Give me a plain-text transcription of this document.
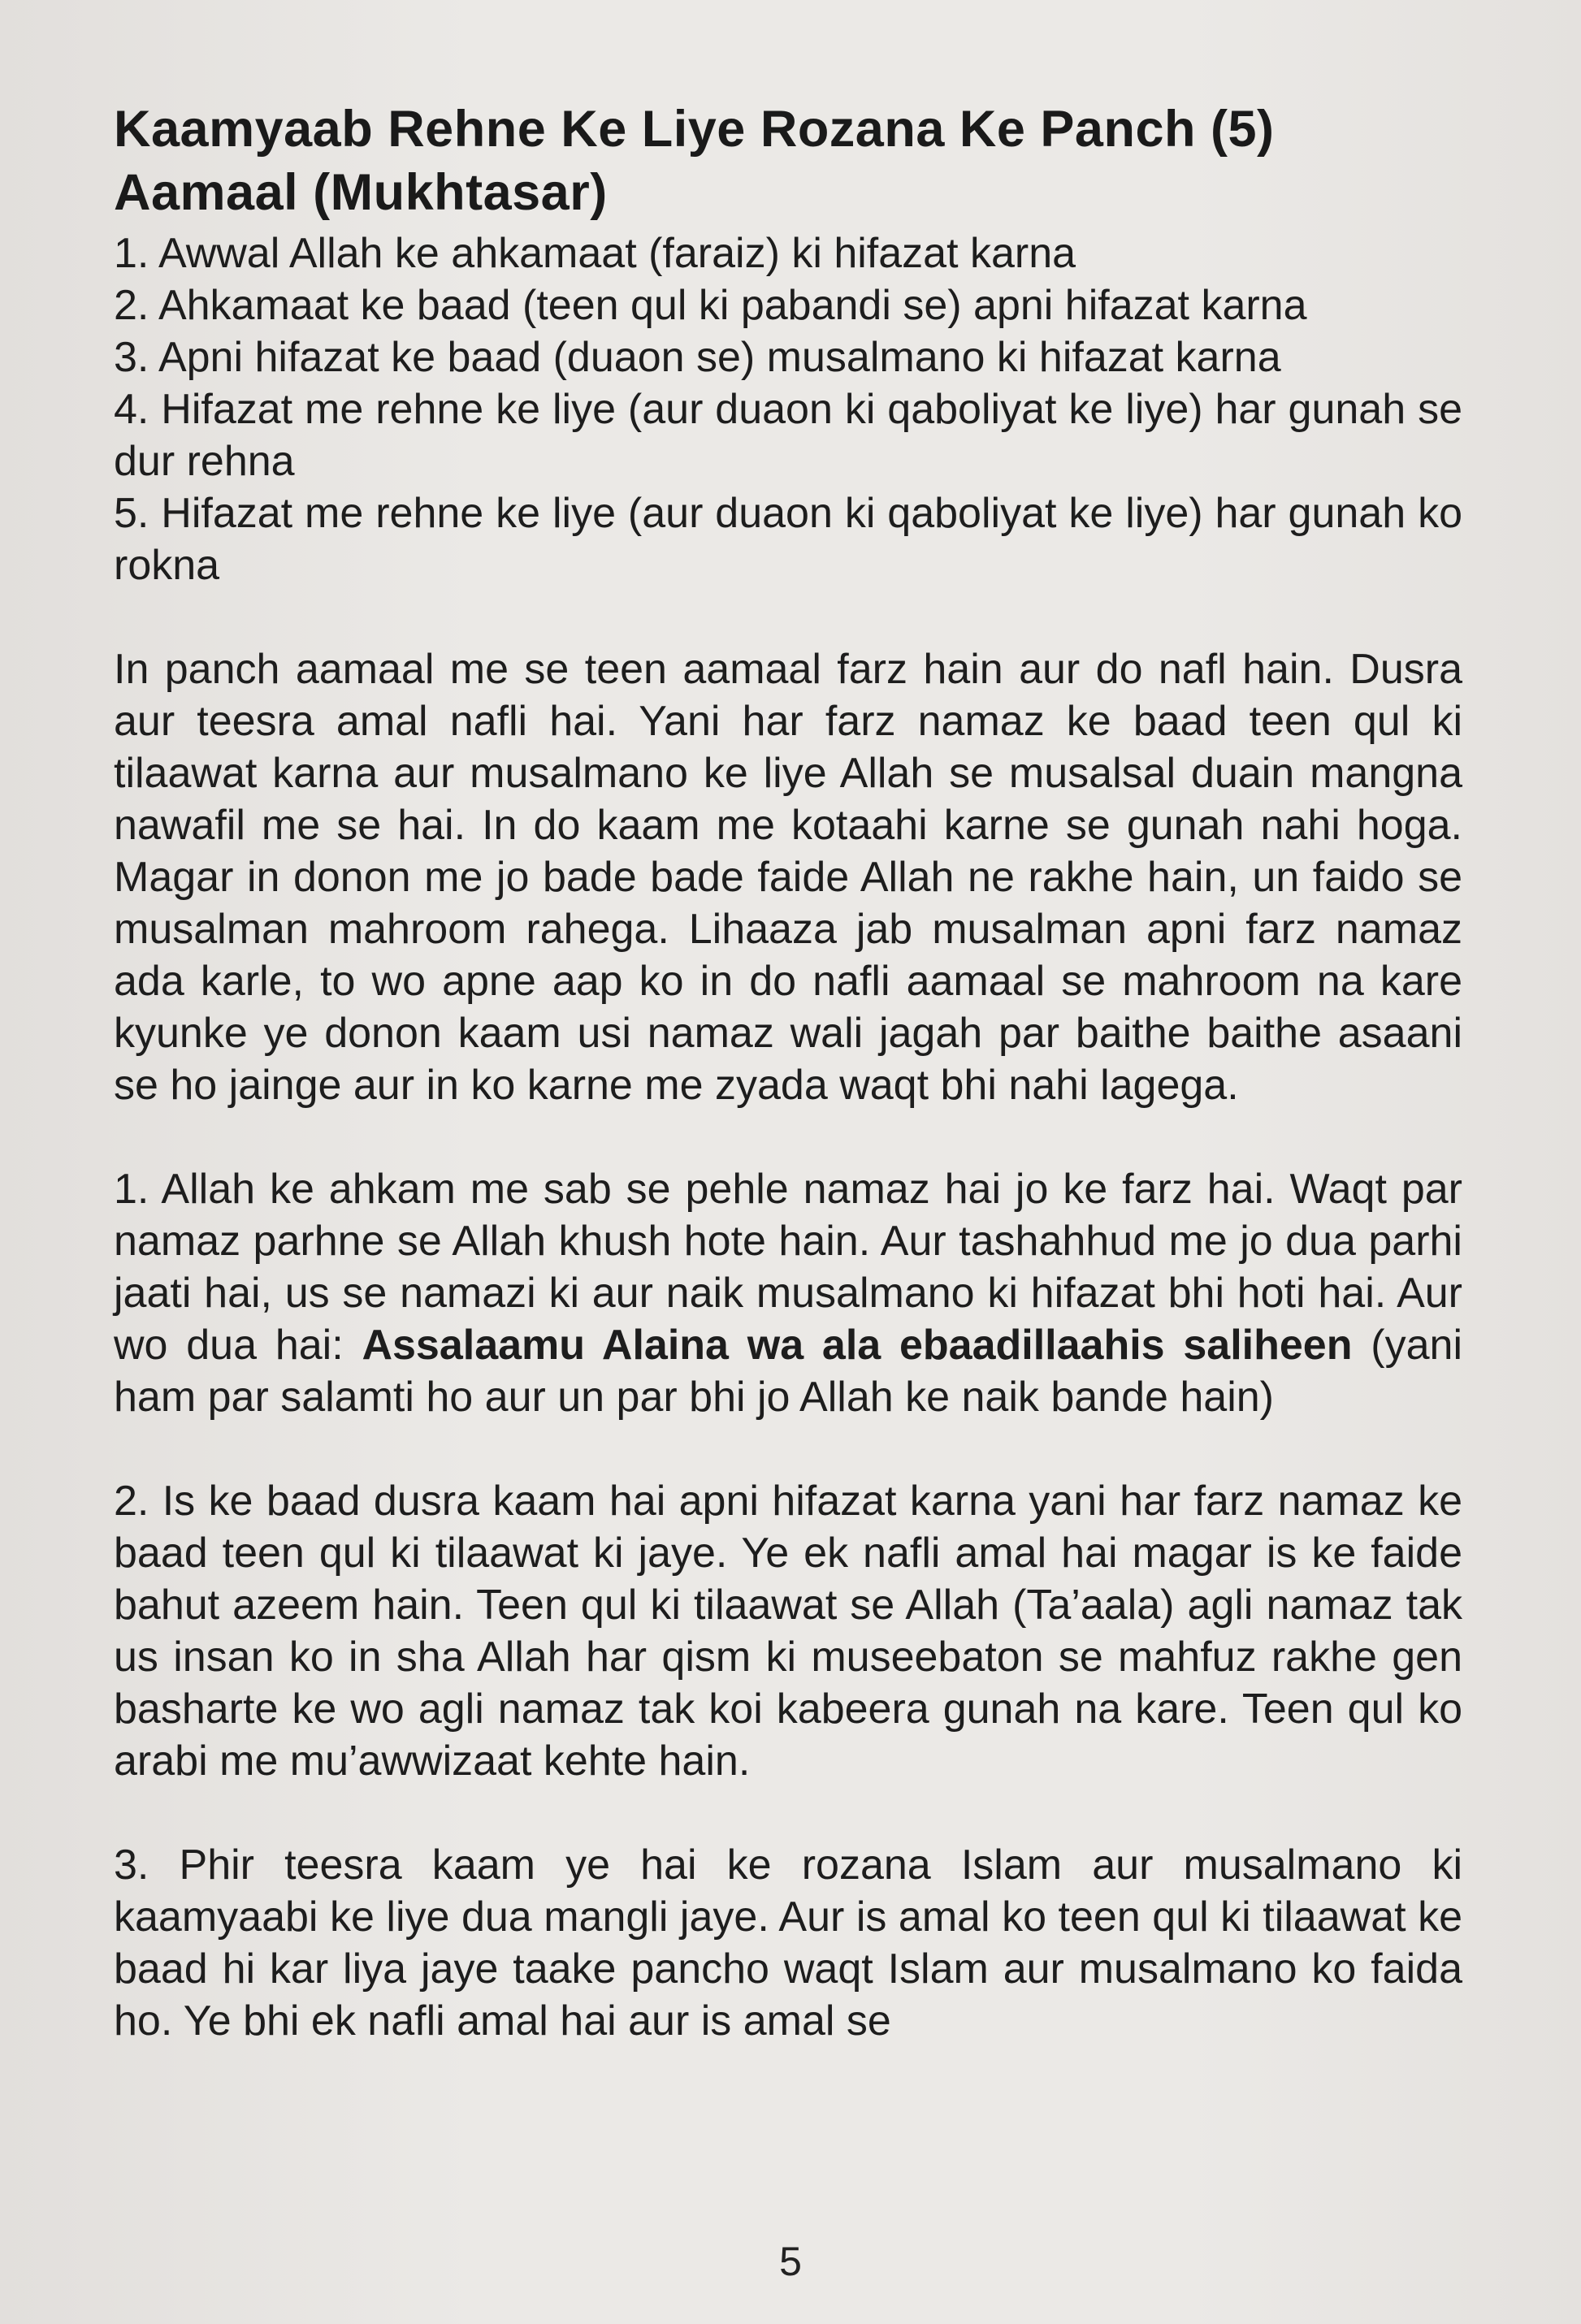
Kaamyaab Rehne Ke Liye Rozana Ke Panch (5) Aamaal (Mukhtasar)
1. Awwal Allah ke ahkamaat (faraiz) ki hifazat karna
2. Ahkamaat ke baad (teen qul ki pabandi se) apni hifazat karna
3. Apni hifazat ke baad (duaon se) musalmano ki hifazat karna
4. Hifazat me rehne ke liye (aur duaon ki qaboliyat ke liye) har gunah se dur rehna
5. Hifazat me rehne ke liye (aur duaon ki qaboliyat ke liye) har gunah ko rokna

In panch aamaal me se teen aamaal farz hain aur do nafl hain. Dusra aur teesra amal nafli hai. Yani har farz namaz ke baad teen qul ki tilaawat karna aur musalmano ke liye Allah se musalsal duain mangna nawafil me se hai. In do kaam me kotaahi karne se gunah nahi hoga. Magar in donon me jo bade bade faide Allah ne rakhe hain, un faido se musalman mahroom rahega. Lihaaza jab musalman apni farz namaz ada karle, to wo apne aap ko in do nafli aamaal se mahroom na kare kyunke ye donon kaam usi namaz wali jagah par baithe baithe asaani se ho jainge aur in ko karne me zyada waqt bhi nahi lagega.

1. Allah ke ahkam me sab se pehle namaz hai jo ke farz hai. Waqt par namaz parhne se Allah khush hote hain. Aur tashahhud me jo dua parhi jaati hai, us se namazi ki aur naik musalmano ki hifazat bhi hoti hai. Aur wo dua hai: Assalaamu Alaina wa ala ebaadillaahis saliheen (yani ham par salamti ho aur un par bhi jo Allah ke naik bande hain)

2. Is ke baad dusra kaam hai apni hifazat karna yani har farz namaz ke baad teen qul ki tilaawat ki jaye. Ye ek nafli amal hai magar is ke faide bahut azeem hain. Teen qul ki tilaawat se Allah (Ta’aala) agli namaz tak us insan ko in sha Allah har qism ki museebaton se mahfuz rakhe gen basharte ke wo agli namaz tak koi kabeera gunah na kare. Teen qul ko arabi me mu’awwizaat kehte hain.

3. Phir teesra kaam ye hai ke rozana Islam aur musalmano ki kaamyaabi ke liye dua mangli jaye. Aur is amal ko teen qul ki tilaawat ke baad hi kar liya jaye taake pancho waqt Islam aur musalmano ko faida ho. Ye bhi ek nafli amal hai aur is amal se

5
